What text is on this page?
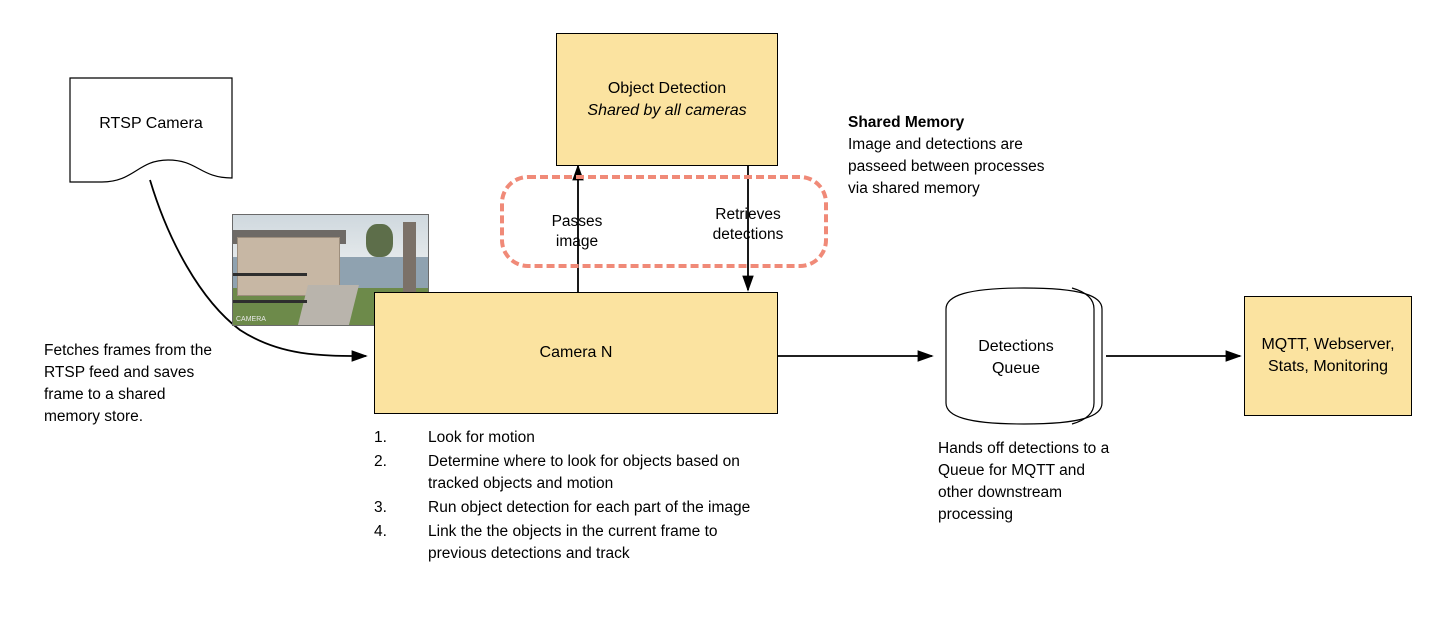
RTSP Camera
CAMERA
Object Detection
Shared by all cameras
Passes
image
Retrieves
detections
Shared Memory
Image and detections are passeed between processes via shared memory
Camera N
Fetches frames from the RTSP feed and saves frame to a shared memory store.
1.	Look for motion
2.	Determine where to look for objects based on tracked objects and motion
3.	Run object detection for each part of the image
4.	Link the the objects in the current frame to previous detections and track
Detections
Queue
Hands off detections to a Queue for MQTT and other downstream processing
MQTT, Webserver,
Stats, Monitoring
